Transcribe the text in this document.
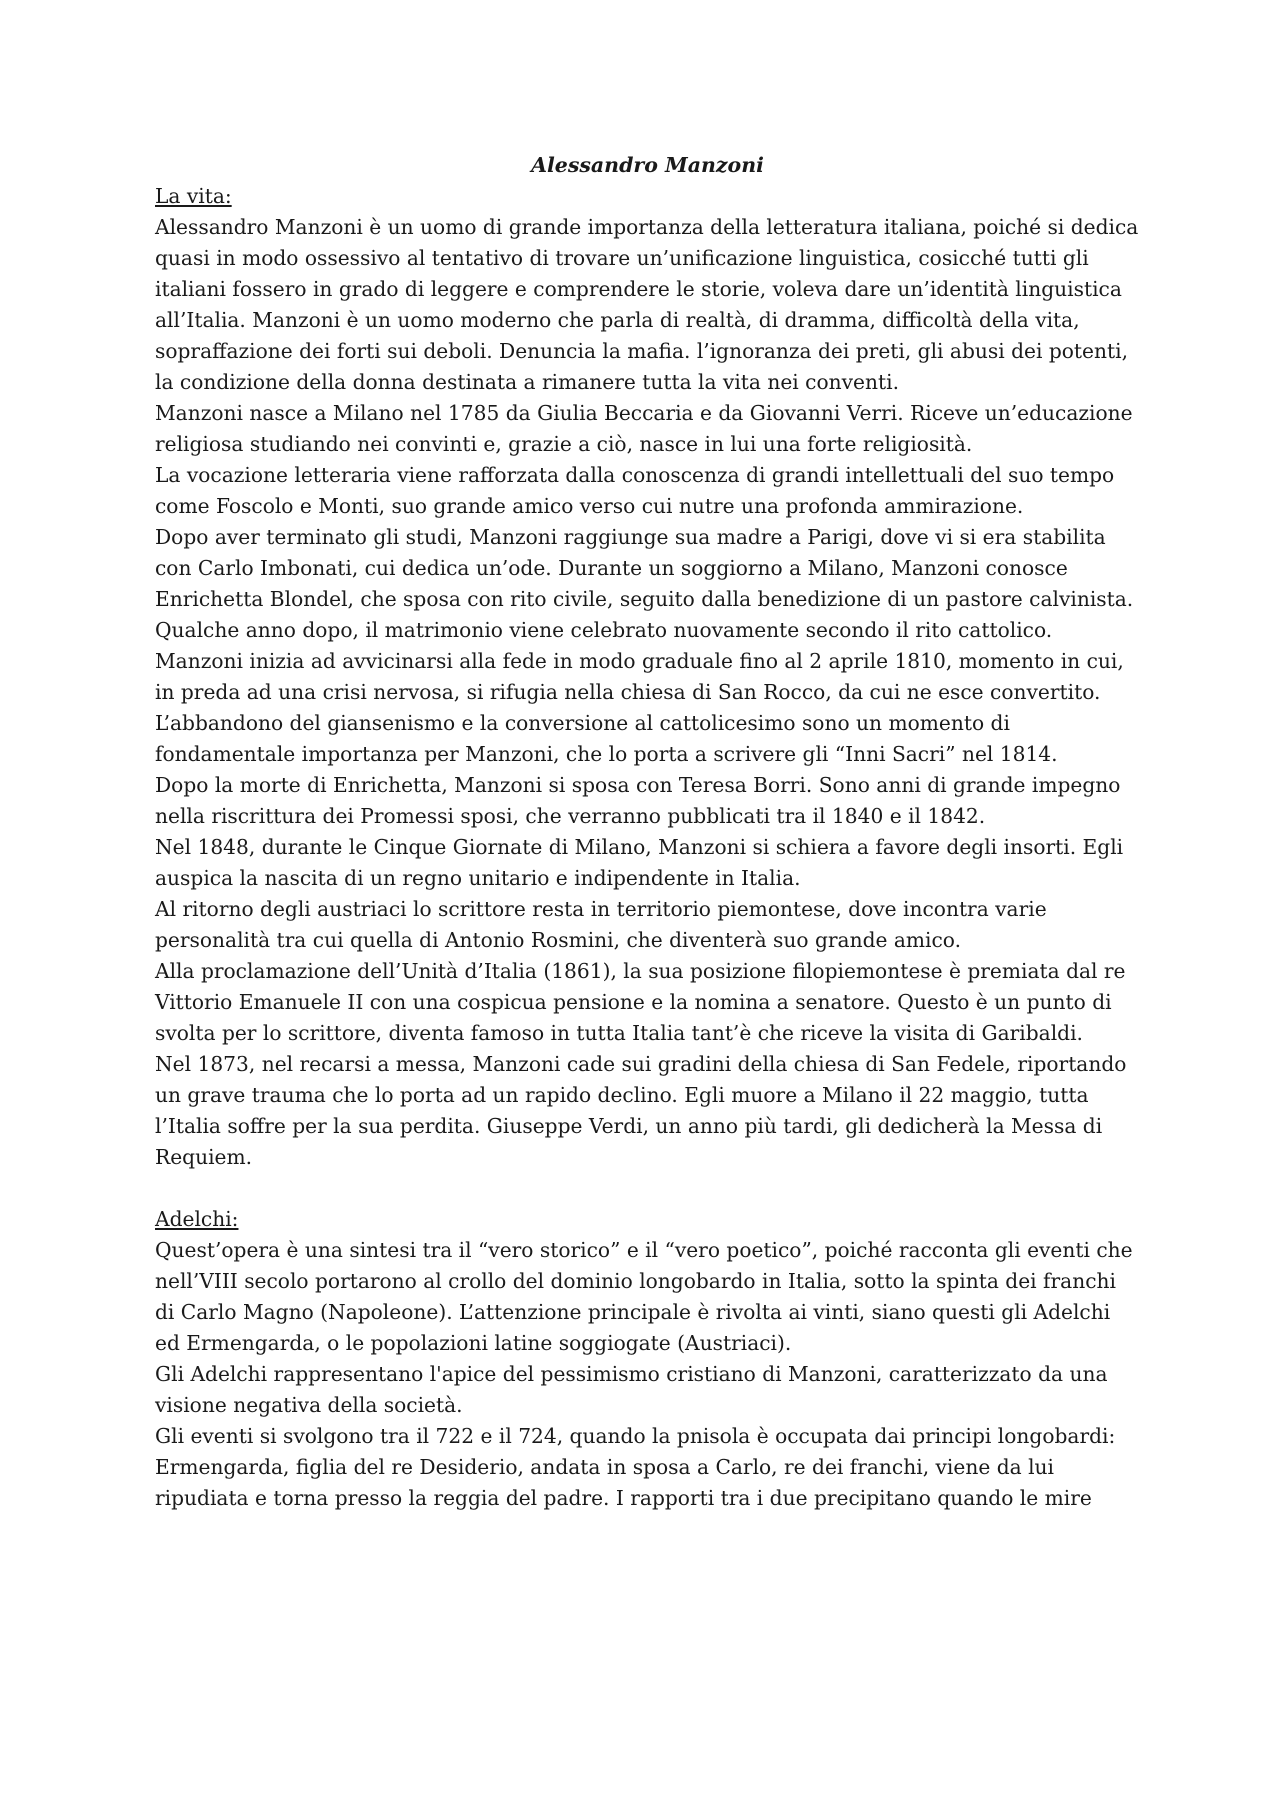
Alessandro Manzoni
La vita:
Alessandro Manzoni è un uomo di grande importanza della letteratura italiana, poiché si dedica quasi in modo ossessivo al tentativo di trovare un’unificazione linguistica, cosicché tutti gli italiani fossero in grado di leggere e comprendere le storie, voleva dare un’identità linguistica all’Italia. Manzoni è un uomo moderno che parla di realtà, di dramma, difficoltà della vita, sopraffazione dei forti sui deboli. Denuncia la mafia. l’ignoranza dei preti, gli abusi dei potenti, la condizione della donna destinata a rimanere tutta la vita nei conventi.
Manzoni nasce a Milano nel 1785 da Giulia Beccaria e da Giovanni Verri. Riceve un’educazione religiosa studiando nei convinti e, grazie a ciò, nasce in lui una forte religiosità.
La vocazione letteraria viene rafforzata dalla conoscenza di grandi intellettuali del suo tempo come Foscolo e Monti, suo grande amico verso cui nutre una profonda ammirazione.
Dopo aver terminato gli studi, Manzoni raggiunge sua madre a Parigi, dove vi si era stabilita con Carlo Imbonati, cui dedica un’ode. Durante un soggiorno a Milano, Manzoni conosce Enrichetta Blondel, che sposa con rito civile, seguito dalla benedizione di un pastore calvinista. Qualche anno dopo, il matrimonio viene celebrato nuovamente secondo il rito cattolico.
Manzoni inizia ad avvicinarsi alla fede in modo graduale fino al 2 aprile 1810, momento in cui, in preda ad una crisi nervosa, si rifugia nella chiesa di San Rocco, da cui ne esce convertito. L’abbandono del giansenismo e la conversione al cattolicesimo sono un momento di fondamentale importanza per Manzoni, che lo porta a scrivere gli “Inni Sacri” nel 1814.
Dopo la morte di Enrichetta, Manzoni si sposa con Teresa Borri. Sono anni di grande impegno nella riscrittura dei Promessi sposi, che verranno pubblicati tra il 1840 e il 1842.
Nel 1848, durante le Cinque Giornate di Milano, Manzoni si schiera a favore degli insorti. Egli auspica la nascita di un regno unitario e indipendente in Italia.
Al ritorno degli austriaci lo scrittore resta in territorio piemontese, dove incontra varie personalità tra cui quella di Antonio Rosmini, che diventerà suo grande amico.
Alla proclamazione dell’Unità d’Italia (1861), la sua posizione filopiemontese è premiata dal re Vittorio Emanuele II con una cospicua pensione e la nomina a senatore. Questo è un punto di svolta per lo scrittore, diventa famoso in tutta Italia tant’è che riceve la visita di Garibaldi.
Nel 1873, nel recarsi a messa, Manzoni cade sui gradini della chiesa di San Fedele, riportando un grave trauma che lo porta ad un rapido declino. Egli muore a Milano il 22 maggio, tutta l’Italia soffre per la sua perdita. Giuseppe Verdi, un anno più tardi, gli dedicherà la Messa di Requiem.
Adelchi:
Quest’opera è una sintesi tra il “vero storico” e il “vero poetico”, poiché racconta gli eventi che nell’VIII secolo portarono al crollo del dominio longobardo in Italia, sotto la spinta dei franchi di Carlo Magno (Napoleone). L’attenzione principale è rivolta ai vinti, siano questi gli Adelchi ed Ermengarda, o le popolazioni latine soggiogate (Austriaci).
Gli Adelchi rappresentano l'apice del pessimismo cristiano di Manzoni, caratterizzato da una visione negativa della società.
Gli eventi si svolgono tra il 722 e il 724, quando la pnisola è occupata dai principi longobardi: Ermengarda, figlia del re Desiderio, andata in sposa a Carlo, re dei franchi, viene da lui ripudiata e torna presso la reggia del padre. I rapporti tra i due precipitano quando le mire
